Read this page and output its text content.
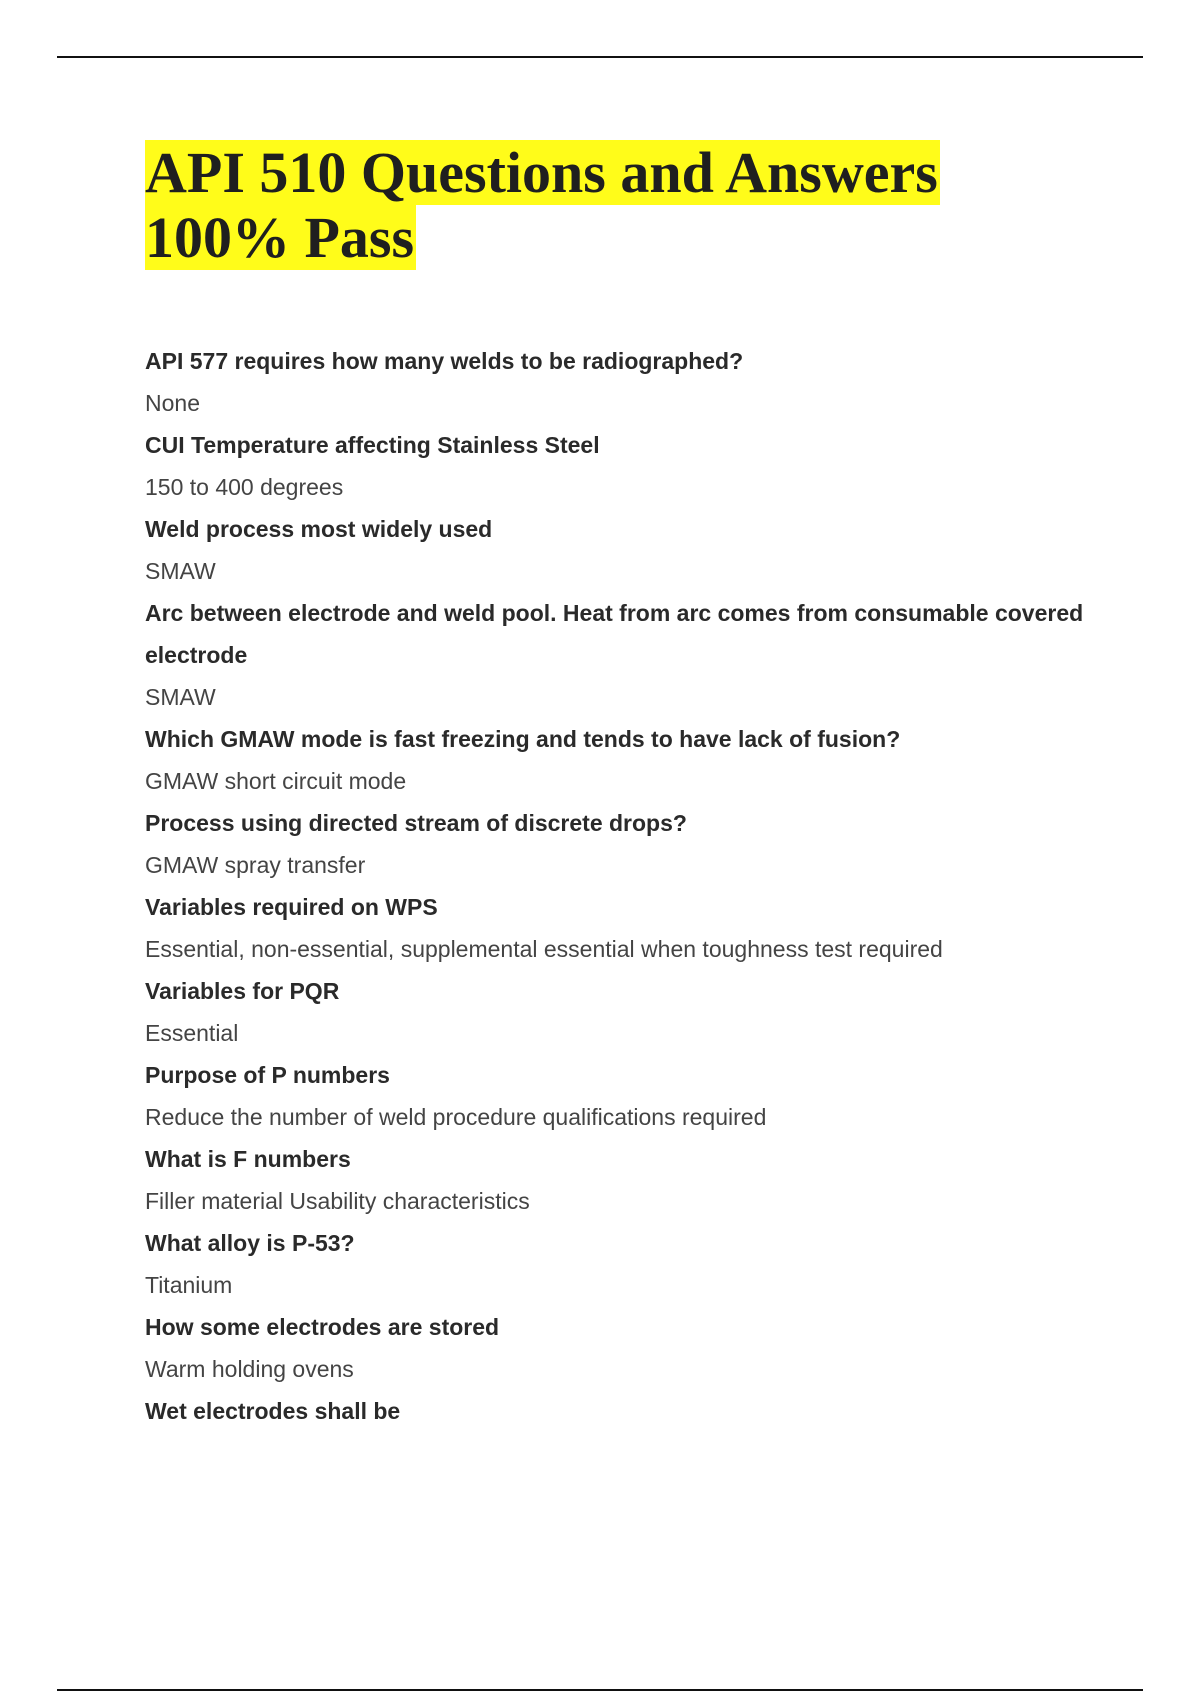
API 510 Questions and Answers 100% Pass
API 577 requires how many welds to be radiographed?
None
CUI Temperature affecting Stainless Steel
150 to 400 degrees
Weld process most widely used
SMAW
Arc between electrode and weld pool. Heat from arc comes from consumable covered electrode
SMAW
Which GMAW mode is fast freezing and tends to have lack of fusion?
GMAW short circuit mode
Process using directed stream of discrete drops?
GMAW spray transfer
Variables required on WPS
Essential, non-essential, supplemental essential when toughness test required
Variables for PQR
Essential
Purpose of P numbers
Reduce the number of weld procedure qualifications required
What is F numbers
Filler material Usability characteristics
What alloy is P-53?
Titanium
How some electrodes are stored
Warm holding ovens
Wet electrodes shall be
